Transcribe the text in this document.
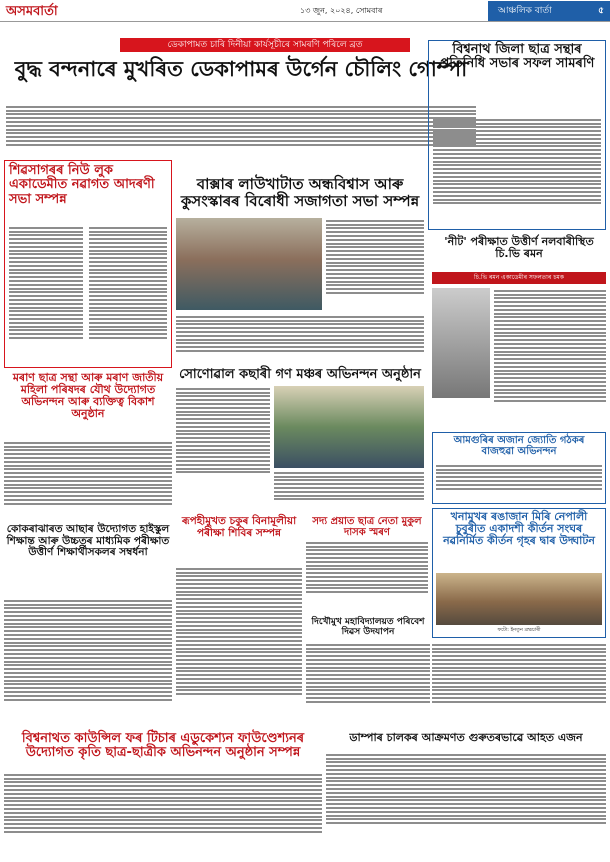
অসমবাৰ্তা	১৩ জুন, ২০২৪, সোমবাৰ	আঞ্চলিক বাৰ্তা	৫
ডেকাপামত চাৰি দিনীয়া কাৰ্যসূচীৰে সামৰণি পৰিলে ব্ৰত
বুদ্ধ বন্দনাৰে মুখৰিত ডেকাপামৰ উৰ্গেন চৌলিং গোম্পা
বিশ্বনাথ জিলা ছাত্ৰ সন্থাৰ প্ৰতিনিধি সভাৰ সফল সামৰণি
শিৱসাগৰৰ নিউ লুক একাডেমীত নৱাগত আদৰণী সভা সম্পন্ন
বাক্সাৰ লাউখাটাত অন্ধবিশ্বাস আৰু কুসংস্কাৰৰ বিৰোধী সজাগতা সভা সম্পন্ন
'নীট' পৰীক্ষাত উত্তীৰ্ণ নলবাৰীস্থিত চি.ভি ৰমন
চি.ভি ৰমন একাডেমীৰ সফলতাৰ চমক
মৰাণ ছাত্ৰ সন্থা আৰু মৰাণ জাতীয় মহিলা পৰিষদৰ যৌথ উদ্যোগত অভিনন্দন আৰু ব্যক্তিত্ব বিকাশ অনুষ্ঠান
সোণোৱাল কছাৰী গণ মঞ্চৰ অভিনন্দন অনুষ্ঠান
আমগুৰিৰ অজান জ্যোতি গঠকৰ বাজহুৱা অভিনন্দন
কোকৰাঝাৰত আছাৰ উদ্যোগত হাইস্কুল শিক্ষান্ত আৰু উচ্চতৰ মাধ্যমিক পৰীক্ষাত উত্তীৰ্ণ শিক্ষাৰ্থীসকলৰ সম্বৰ্ধনা
ৰূপহীমুখত চকুৰ বিনামূলীয়া পৰীক্ষা শিবিৰ সম্পন্ন
সদ্য প্ৰয়াত ছাত্ৰ নেতা মুকুল দাসক স্মৰণ
খনামুখৰ ৰঙাজান মিৰি নেপালী চুবুৰীত একাদশী কীৰ্তন সংঘৰ নৱনিৰ্মিত কীৰ্তন গৃহৰ দ্বাৰ উদ্ঘাটন
ফটো: ইনতুন ব্ৰহ্মচাৰী
দিখৌমুখ মহাবিদ্যালয়ত পৰিবেশ দিৱস উদযাপন
বিশ্বনাথত কাউন্সিল ফৰ টিচাৰ এডুকেশ্যন ফাউণ্ডেশ্যনৰ উদ্যোগত কৃতি ছাত্ৰ-ছাত্ৰীক অভিনন্দন অনুষ্ঠান সম্পন্ন
ডাম্পাৰ চালকৰ আক্ৰমণত গুৰুতৰভাৱে আহত এজন
